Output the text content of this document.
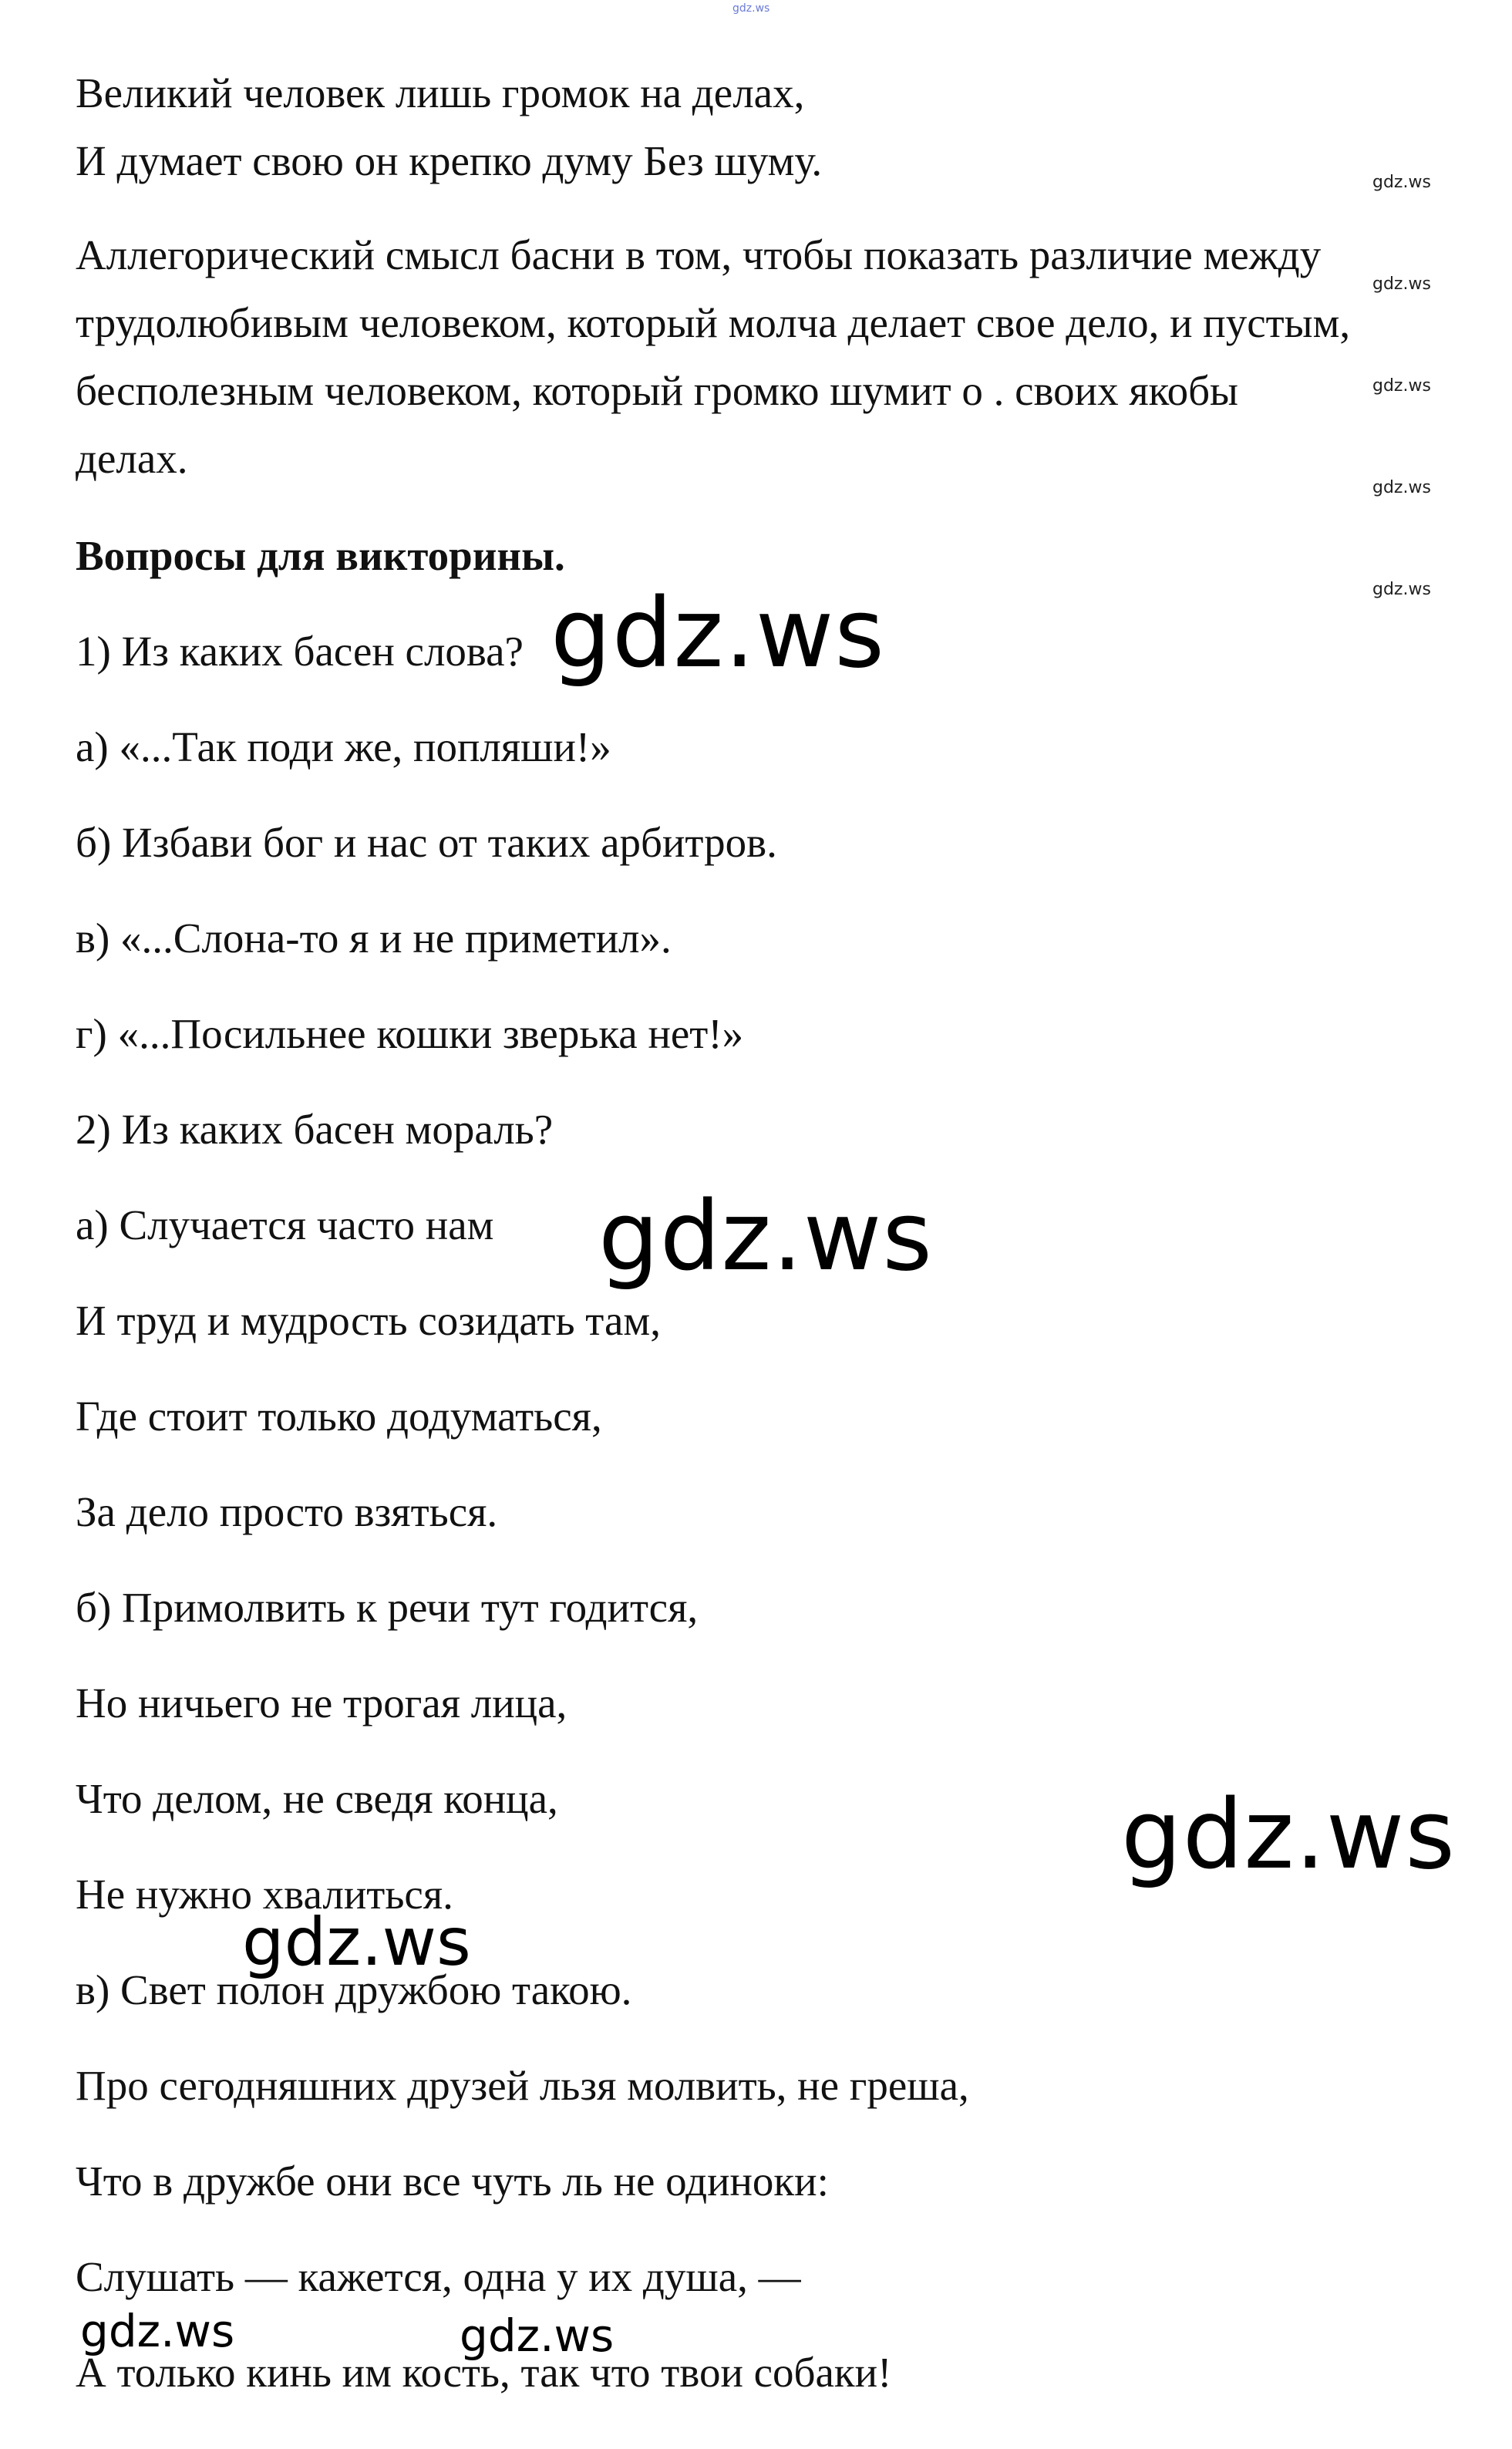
gdz.ws

Великий человек лишь громок на делах,

И думает свою он крепко думу Без шуму.

Аллегорический смысл басни в том, чтобы показать различие между

трудолюбивым человеком, который молча делает свое дело, и пустым,

бесполезным человеком, который громко шумит о . своих якобы

делах.

Вопросы для викторины.

1) Из каких басен слова?

а) «...Так поди же, попляши!»

б) Избави бог и нас от таких арбитров.

в) «...Слона-то я и не приметил».

г) «...Посильнее кошки зверька нет!»

2) Из каких басен мораль?

а) Случается часто нам

И труд и мудрость созидать там,

Где стоит только додуматься,

За дело просто взяться.

б) Примолвить к речи тут годится,

Но ничьего не трогая лица,

Что делом, не сведя конца,

Не нужно хвалиться.

в) Свет полон дружбою такою.

Про сегодняшних друзей льзя молвить, не греша,

Что в дружбе они все чуть ль не одиноки:

Слушать — кажется, одна у их душа, —

А только кинь им кость, так что твои собаки!

gdz.ws
gdz.ws
gdz.ws
gdz.ws
gdz.ws
gdz.ws
gdz.ws
gdz.ws
gdz.ws
gdz.ws	gdz.ws
